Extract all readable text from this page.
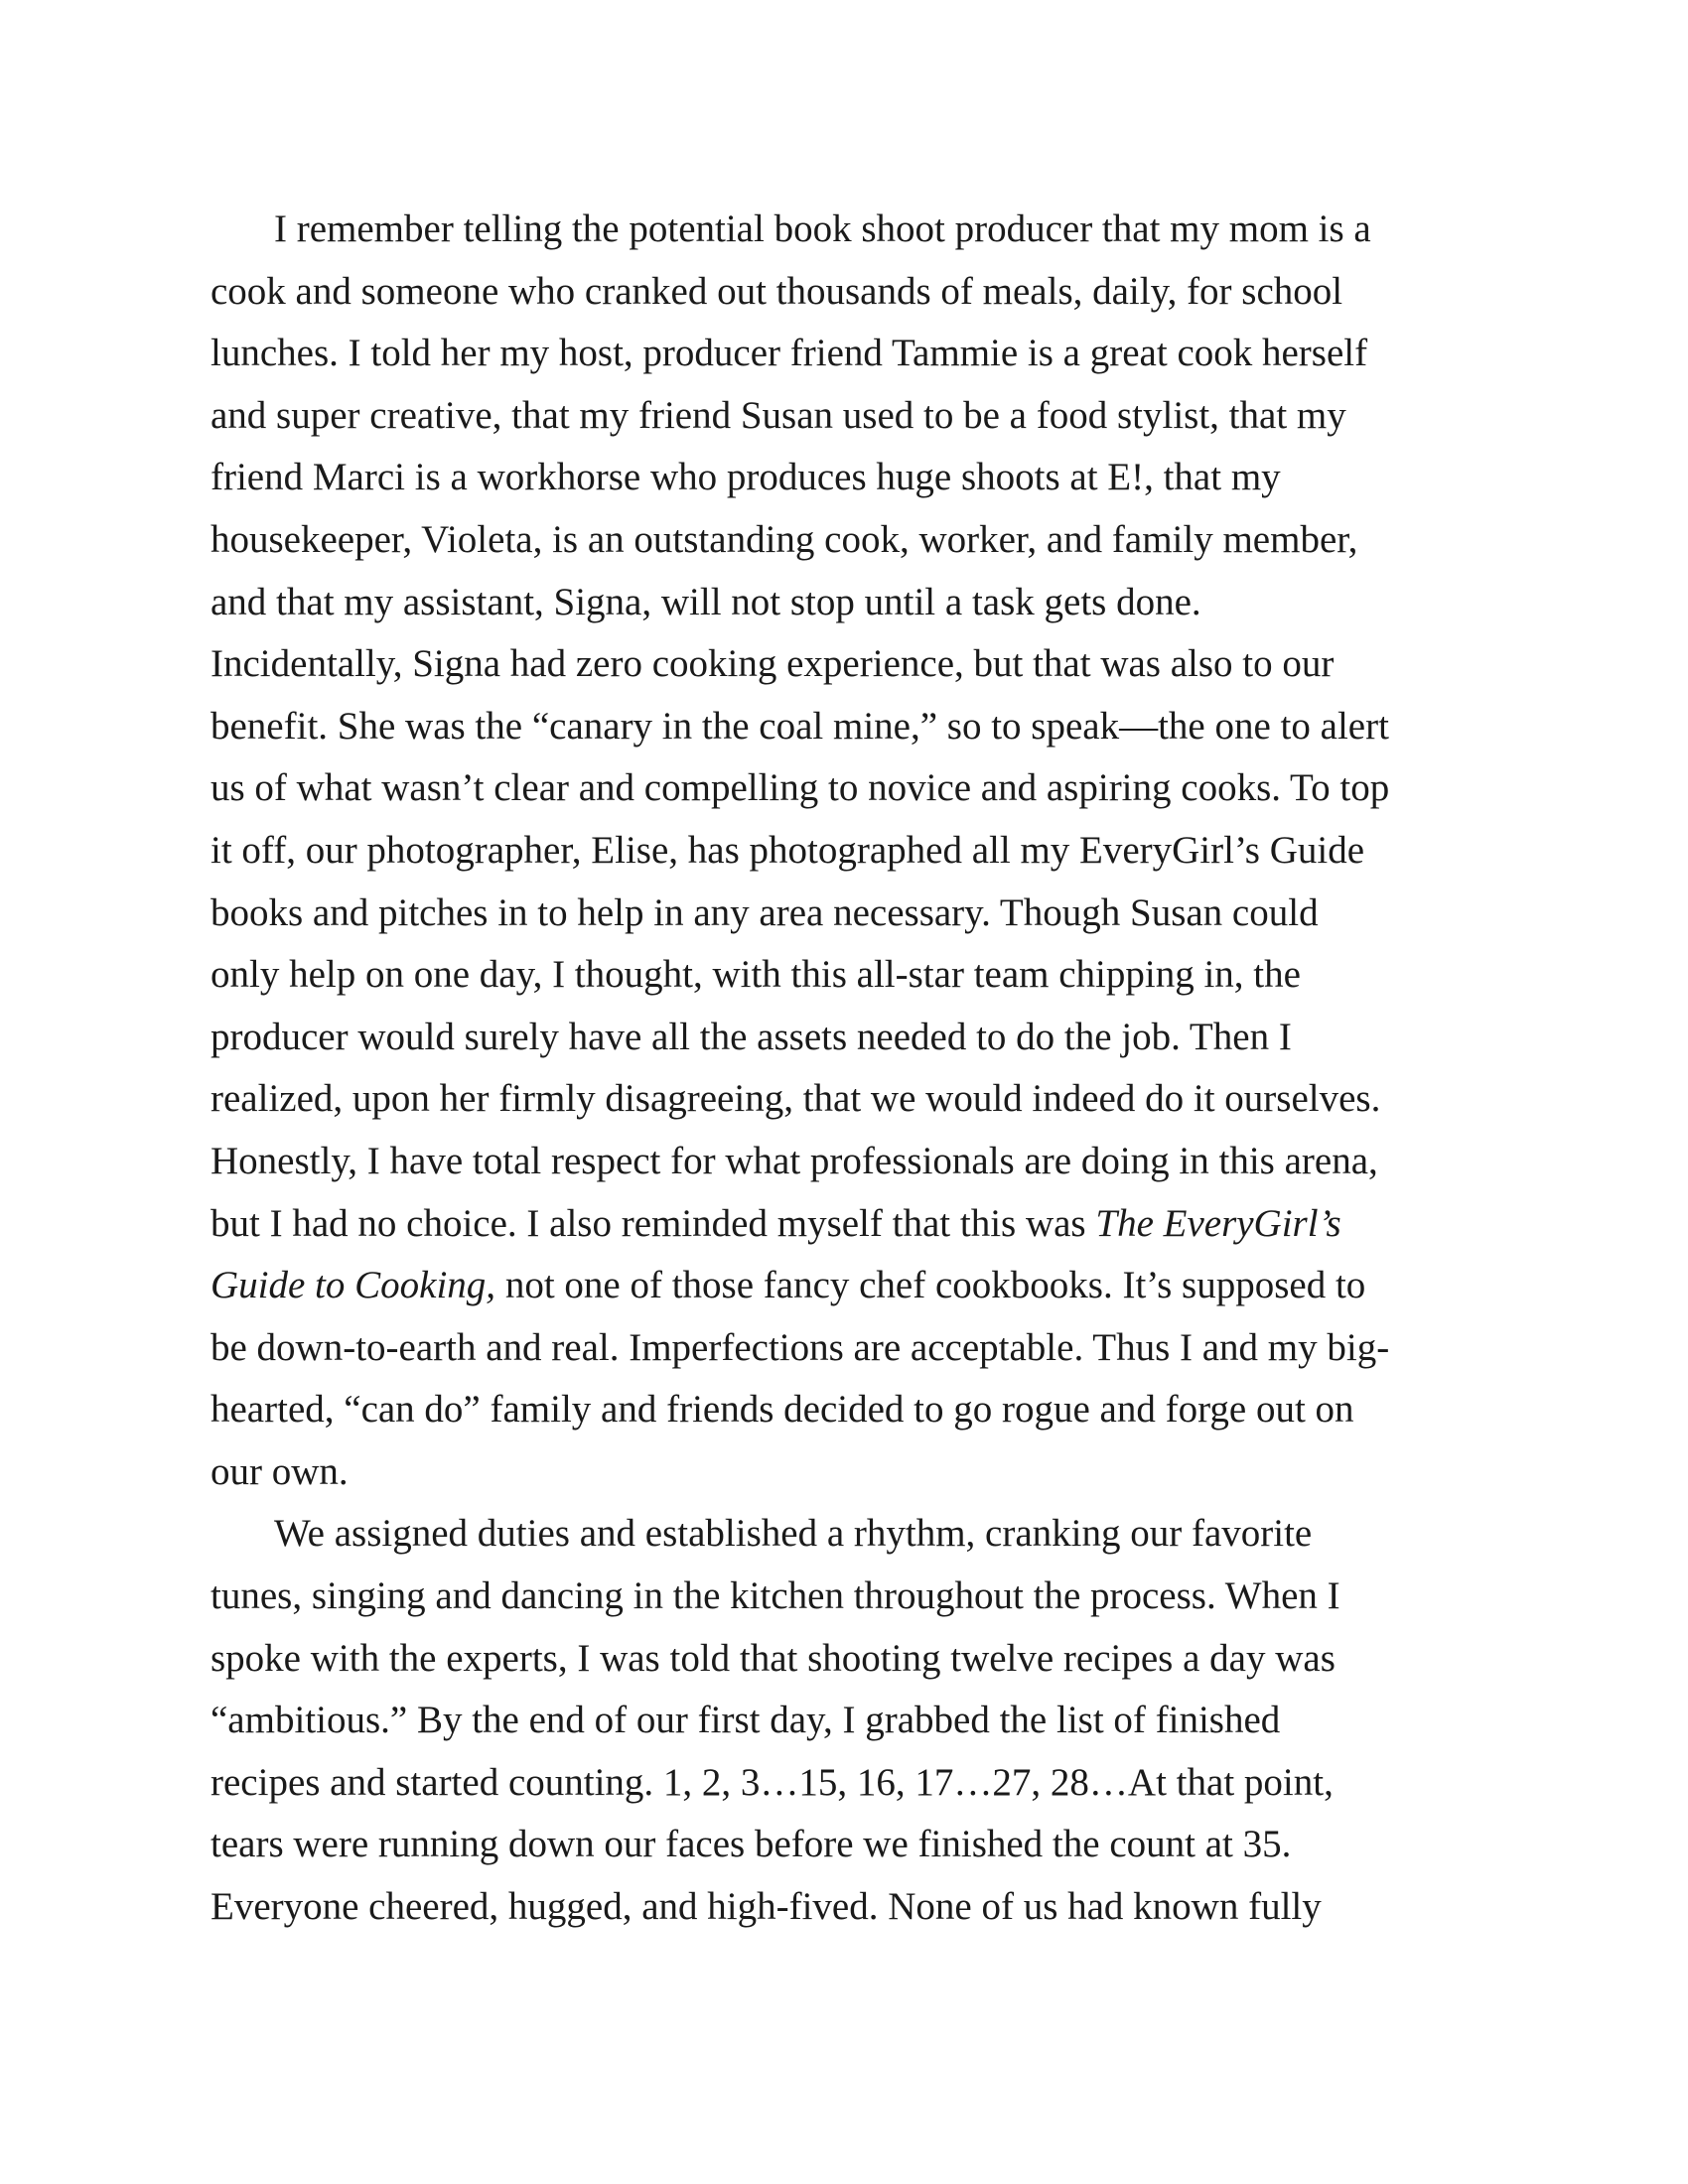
I remember telling the potential book shoot producer that my mom is a
cook and someone who cranked out thousands of meals, daily, for school
lunches. I told her my host, producer friend Tammie is a great cook herself
and super creative, that my friend Susan used to be a food stylist, that my
friend Marci is a workhorse who produces huge shoots at E!, that my
housekeeper, Violeta, is an outstanding cook, worker, and family member,
and that my assistant, Signa, will not stop until a task gets done.
Incidentally, Signa had zero cooking experience, but that was also to our
benefit. She was the “canary in the coal mine,” so to speak—the one to alert
us of what wasn’t clear and compelling to novice and aspiring cooks. To top
it off, our photographer, Elise, has photographed all my EveryGirl’s Guide
books and pitches in to help in any area necessary. Though Susan could
only help on one day, I thought, with this all-star team chipping in, the
producer would surely have all the assets needed to do the job. Then I
realized, upon her firmly disagreeing, that we would indeed do it ourselves.
Honestly, I have total respect for what professionals are doing in this arena,
but I had no choice. I also reminded myself that this was The EveryGirl’s
Guide to Cooking, not one of those fancy chef cookbooks. It’s supposed to
be down-to-earth and real. Imperfections are acceptable. Thus I and my big-
hearted, “can do” family and friends decided to go rogue and forge out on
our own.
We assigned duties and established a rhythm, cranking our favorite
tunes, singing and dancing in the kitchen throughout the process. When I
spoke with the experts, I was told that shooting twelve recipes a day was
“ambitious.” By the end of our first day, I grabbed the list of finished
recipes and started counting. 1, 2, 3…15, 16, 17…27, 28…At that point,
tears were running down our faces before we finished the count at 35.
Everyone cheered, hugged, and high-fived. None of us had known fully
